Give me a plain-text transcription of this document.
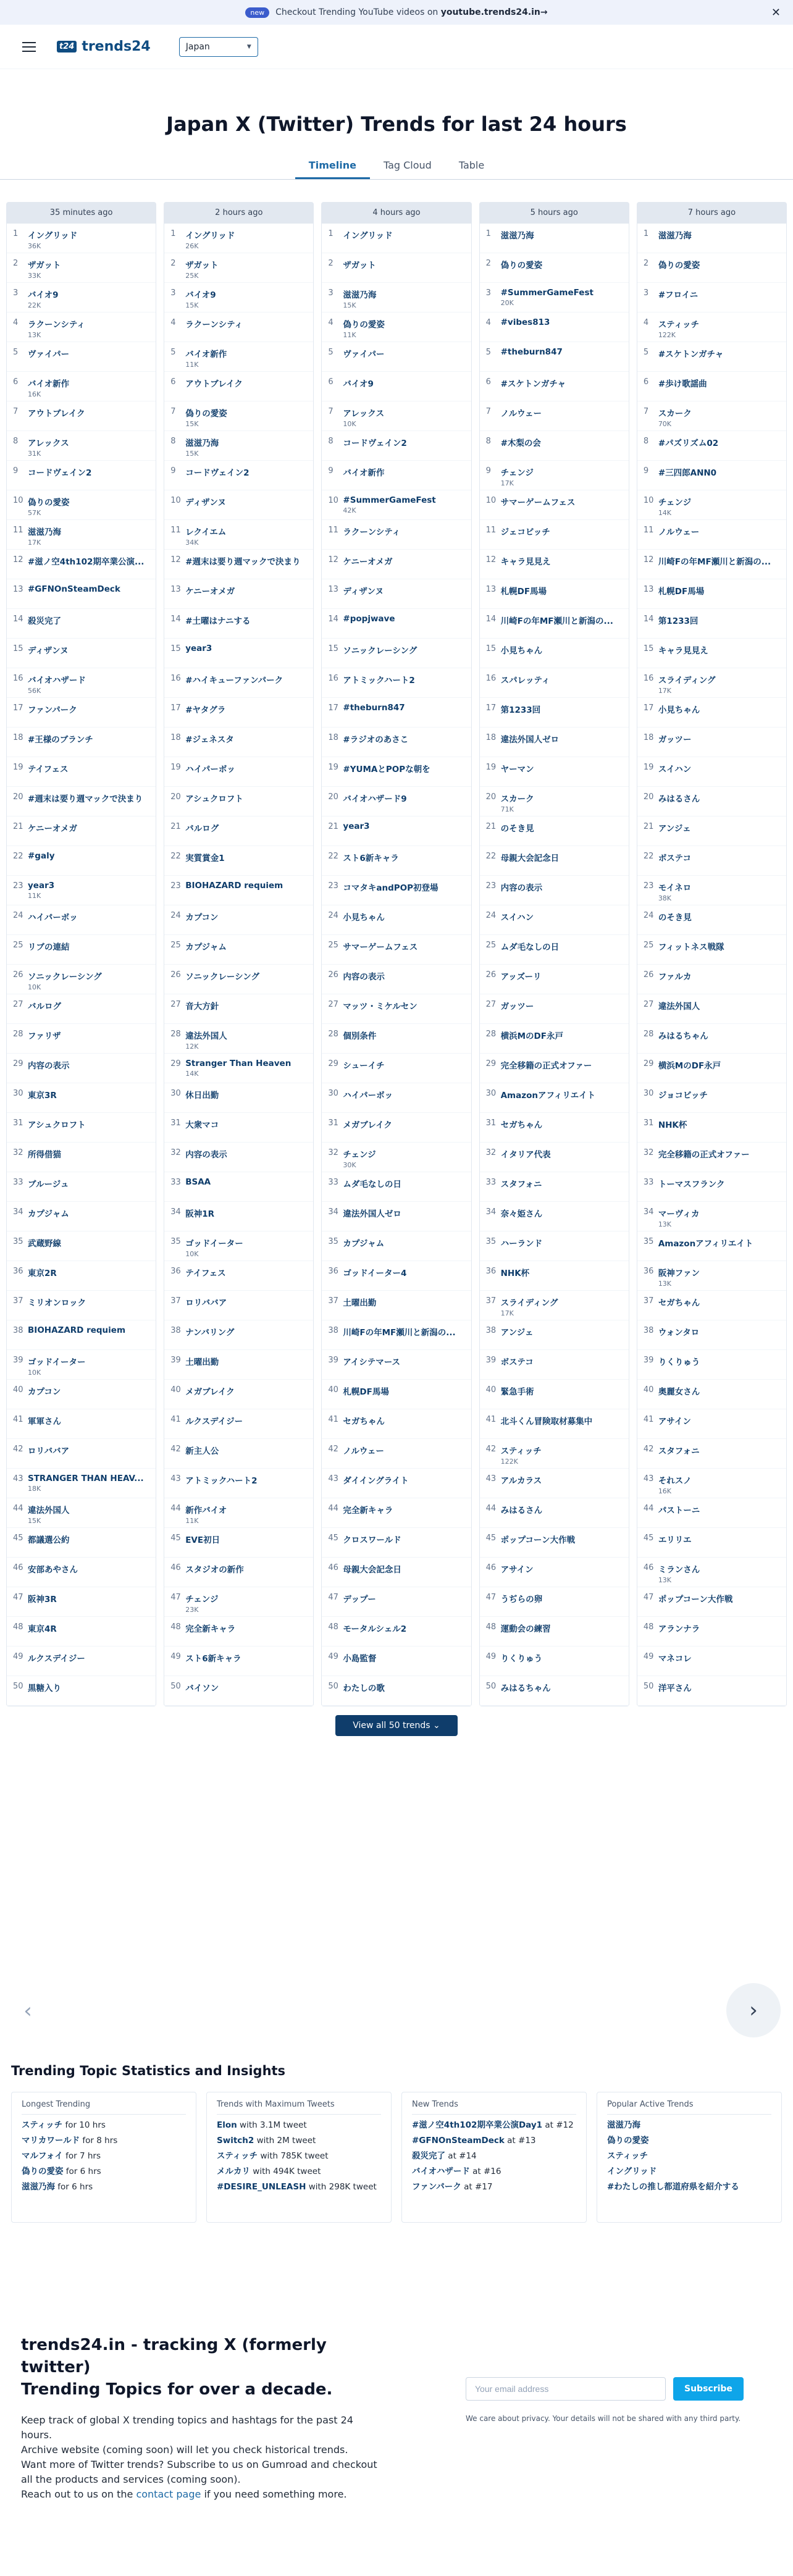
new	Checkout Trending YouTube videos on
youtube.trends24.in→	✕
t24 trends24	Japan	▼
Japan X (Twitter) Trends for last 24 hours
Timeline	Tag Cloud	Table
35 minutes ago
1	イングリッド
36K
2	ザガット
33K
3	バイオ9
22K
4	ラクーンシティ
13K
5	ヴァイパー
6	バイオ新作
16K
7	アウトブレイク
8	アレックス
31K
9	コードヴェイン2
10 偽りの愛姿
57K
11 滋滋乃海
17K
12 #滋ノ空4th102期卒業公演...
13 #GFNOnSteamDeck
14 殺災完了
15 ディザンヌ
16 バイオハザード
56K
17 ファンパーク
18 #王様のブランチ
19 テイフェス
20 #週末は要り週マックで決まり
21 ケニーオメガ
22 #galy
23 year3
11K
24 ハイパーボッ
25 リブの連結
26 ソニックレーシング
10K
27 バルログ
28 ファリザ
29 内容の表示
30 東京3R
31 アシュクロフト
32 所得借猫
33 ブルージュ
34 カプジャム
35 武蔵野線
36 東京2R
37 ミリオンロック
38 BIOHAZARD requiem
39 ゴッドイーター
10K
40 カプコン
41 軍軍さん
42 ロリババア
43 STRANGER THAN HEAV...
18K
44 違法外国人
15K
45 都議選公約
46 安部あやさん
47 阪神3R
48 東京4R
49 ルクスデイジー
50 黒糖入り
2 hours ago
1	イングリッド
26K
2	ザガット
25K
3	バイオ9
15K
4	ラクーンシティ
5	バイオ新作
11K
6	アウトブレイク
7	偽りの愛姿
15K
8	滋滋乃海
15K
9	コードヴェイン2
10 ディザンヌ
11 レクイエム
34K
12 #週末は要り週マックで決まり
13 ケニーオメガ
14 #土曜はナニする
15 year3
16 #ハイキューファンパーク
17 #ヤタグラ
18 #ジェネスタ
19 ハイパーボッ
20 アシュクロフト
21 バルログ
22 実質賞金1
23 BIOHAZARD requiem
24 カプコン
25 カプジャム
26 ソニックレーシング
27 音大方針
28 違法外国人
12K
29 Stranger Than Heaven
14K
30 休日出勤
31 大衆マコ
32 内容の表示
33 BSAA
34 阪神1R
35 ゴッドイーター
10K
36 テイフェス
37 ロリババア
38 ナンバリング
39 土曜出勤
40 メガブレイク
41 ルクスデイジー
42 新主人公
43 アトミックハート2
44 新作バイオ
11K
45 EVE初日
46 スタジオの新作
47 チェンジ
23K
48 完全新キャラ
49 スト6新キャラ
50 バイソン
4 hours ago
1	イングリッド
2	ザガット
3	滋滋乃海
15K
4	偽りの愛姿
11K
5	ヴァイパー
6	バイオ9
7	アレックス
10K
8	コードヴェイン2
9	バイオ新作
10 #SummerGameFest
42K
11 ラクーンシティ
12 ケニーオメガ
13 ディザンヌ
14 #popjwave
15 ソニックレーシング
16 アトミックハート2
17 #theburn847
18 #ラジオのあさこ
19 #YUMAとPOPな朝を
20 バイオハザード9
21 year3
22 スト6新キャラ
23 コマタキandPOP初登場
24 小見ちゃん
25 サマーゲームフェス
26 内容の表示
27 マッツ・ミケルセン
28 個別条件
29 シューイチ
30 ハイパーボッ
31 メガブレイク
32 チェンジ
30K
33 ムダ毛なしの日
34 違法外国人ゼロ
35 カプジャム
36 ゴッドイーター4
37 土曜出勤
38 川崎Fの年MF瀬川と新潟の...
39 アイシテマース
40 札幌DF馬場
41 セガちゃん
42 ノルウェー
43 ダイイングライト
44 完全新キャラ
45 クロスワールド
46 母親大会記念日
47 デップー
48 モータルシェル2
49 小島監督
50 わたしの歌
5 hours ago
1	滋滋乃海
2	偽りの愛姿
3	#SummerGameFest
20K
4	#vibes813
5	#theburn847
6	#スケトンガチャ
7	ノルウェー
8	#木梨の会
9	チェンジ
17K
10 サマーゲームフェス
11 ジェコビッチ
12 キャラ見見え
13 札幌DF馬場
14 川崎Fの年MF瀬川と新潟の...
15 小見ちゃん
16 スパレッティ
17 第1233回
18 違法外国人ゼロ
19 ヤーマン
20 スカーク
71K
21 のそき見
22 母親大会記念日
23 内容の表示
24 スイハン
25 ムダ毛なしの日
26 アッズーリ
27 ガッツー
28 横浜MのDF永戸
29 完全移籍の正式オファー
30 Amazonアフィリエイト
31 セガちゃん
32 イタリア代表
33 スタフォニ
34 奈々姫さん
35 ハーランド
36 NHK杯
37 スライディング
17K
38 アンジェ
39 ボステコ
40 緊急手術
41 北斗くん冒険取材募集中
42 スティッチ
122K
43 アルカラス
44 みはるさん
45 ポップコーン大作戦
46 アサイン
47 うぢらの卵
48 運動会の練習
49 りくりゅう
50 みはるちゃん
7 hours ago
1	滋滋乃海
2	偽りの愛姿
3	#フロイニ
4	スティッチ
122K
5	#スケトンガチャ
6	#歩け歌謡曲
7	スカーク
70K
8	#パズリズム02
9	#三四郎ANN0
10 チェンジ
14K
11 ノルウェー
12 川崎Fの年MF瀬川と新潟の...
13 札幌DF馬場
14 第1233回
15 キャラ見見え
16 スライディング
17K
17 小見ちゃん
18 ガッツー
19 スイハン
20 みはるさん
21 アンジェ
22 ボステコ
23 モイネロ
38K
24 のそき見
25 フィットネス戦隊
26 ファルカ
27 違法外国人
28 みはるちゃん
29 横浜MのDF永戸
30 ジョコビッチ
31 NHK杯
32 完全移籍の正式オファー
33 トーマスフランク
34 マーヴィカ
13K
35 Amazonアフィリエイト
36 阪神ファン
13K
37 セガちゃん
38 ウォンタロ
39 りくりゅう
40 奥麗女さん
41 アサイン
42 スタフォニ
43 それスノ
16K
44 パストーニ
45 エリリエ
46 ミランさん
13K
47 ポップコーン大作戦
48 アランナラ
49 マネコレ
50 洋平さん
View all 50 trends ⌄
‹	›
Trending Topic Statistics and Insights
Longest Trending
スティッチ for 10 hrs
マリカワールド for 8 hrs
マルフォイ for 7 hrs
偽りの愛姿 for 6 hrs
滋滋乃海 for 6 hrs
Trends with Maximum Tweets
Elon with 3.1M tweet
Switch2 with 2M tweet
スティッチ with 785K tweet
メルカリ with 494K tweet
#DESIRE_UNLEASH with 298K tweet
New Trends
#滋ノ空4th102期卒業公演Day1 at #12
#GFNOnSteamDeck at #13
殺災完了 at #14
バイオハザード at #16
ファンパーク at #17
Popular Active Trends
滋滋乃海
偽りの愛姿
スティッチ
イングリッド
#わたしの推し都道府県を紹介する
trends24.in - tracking X (formerly twitter)
Trending Topics for over a decade.

Keep track of global X trending topics and hashtags for the past 24 hours.
Archive website (coming soon) will let you check historical trends.
Want more of Twitter trends? Subscribe to us on Gumroad and checkout all the products and services (coming soon).
Reach out to us on the contact page if you need something more.

Your email address
Subscribe
We care about privacy. Your details will not be shared with any third party.
